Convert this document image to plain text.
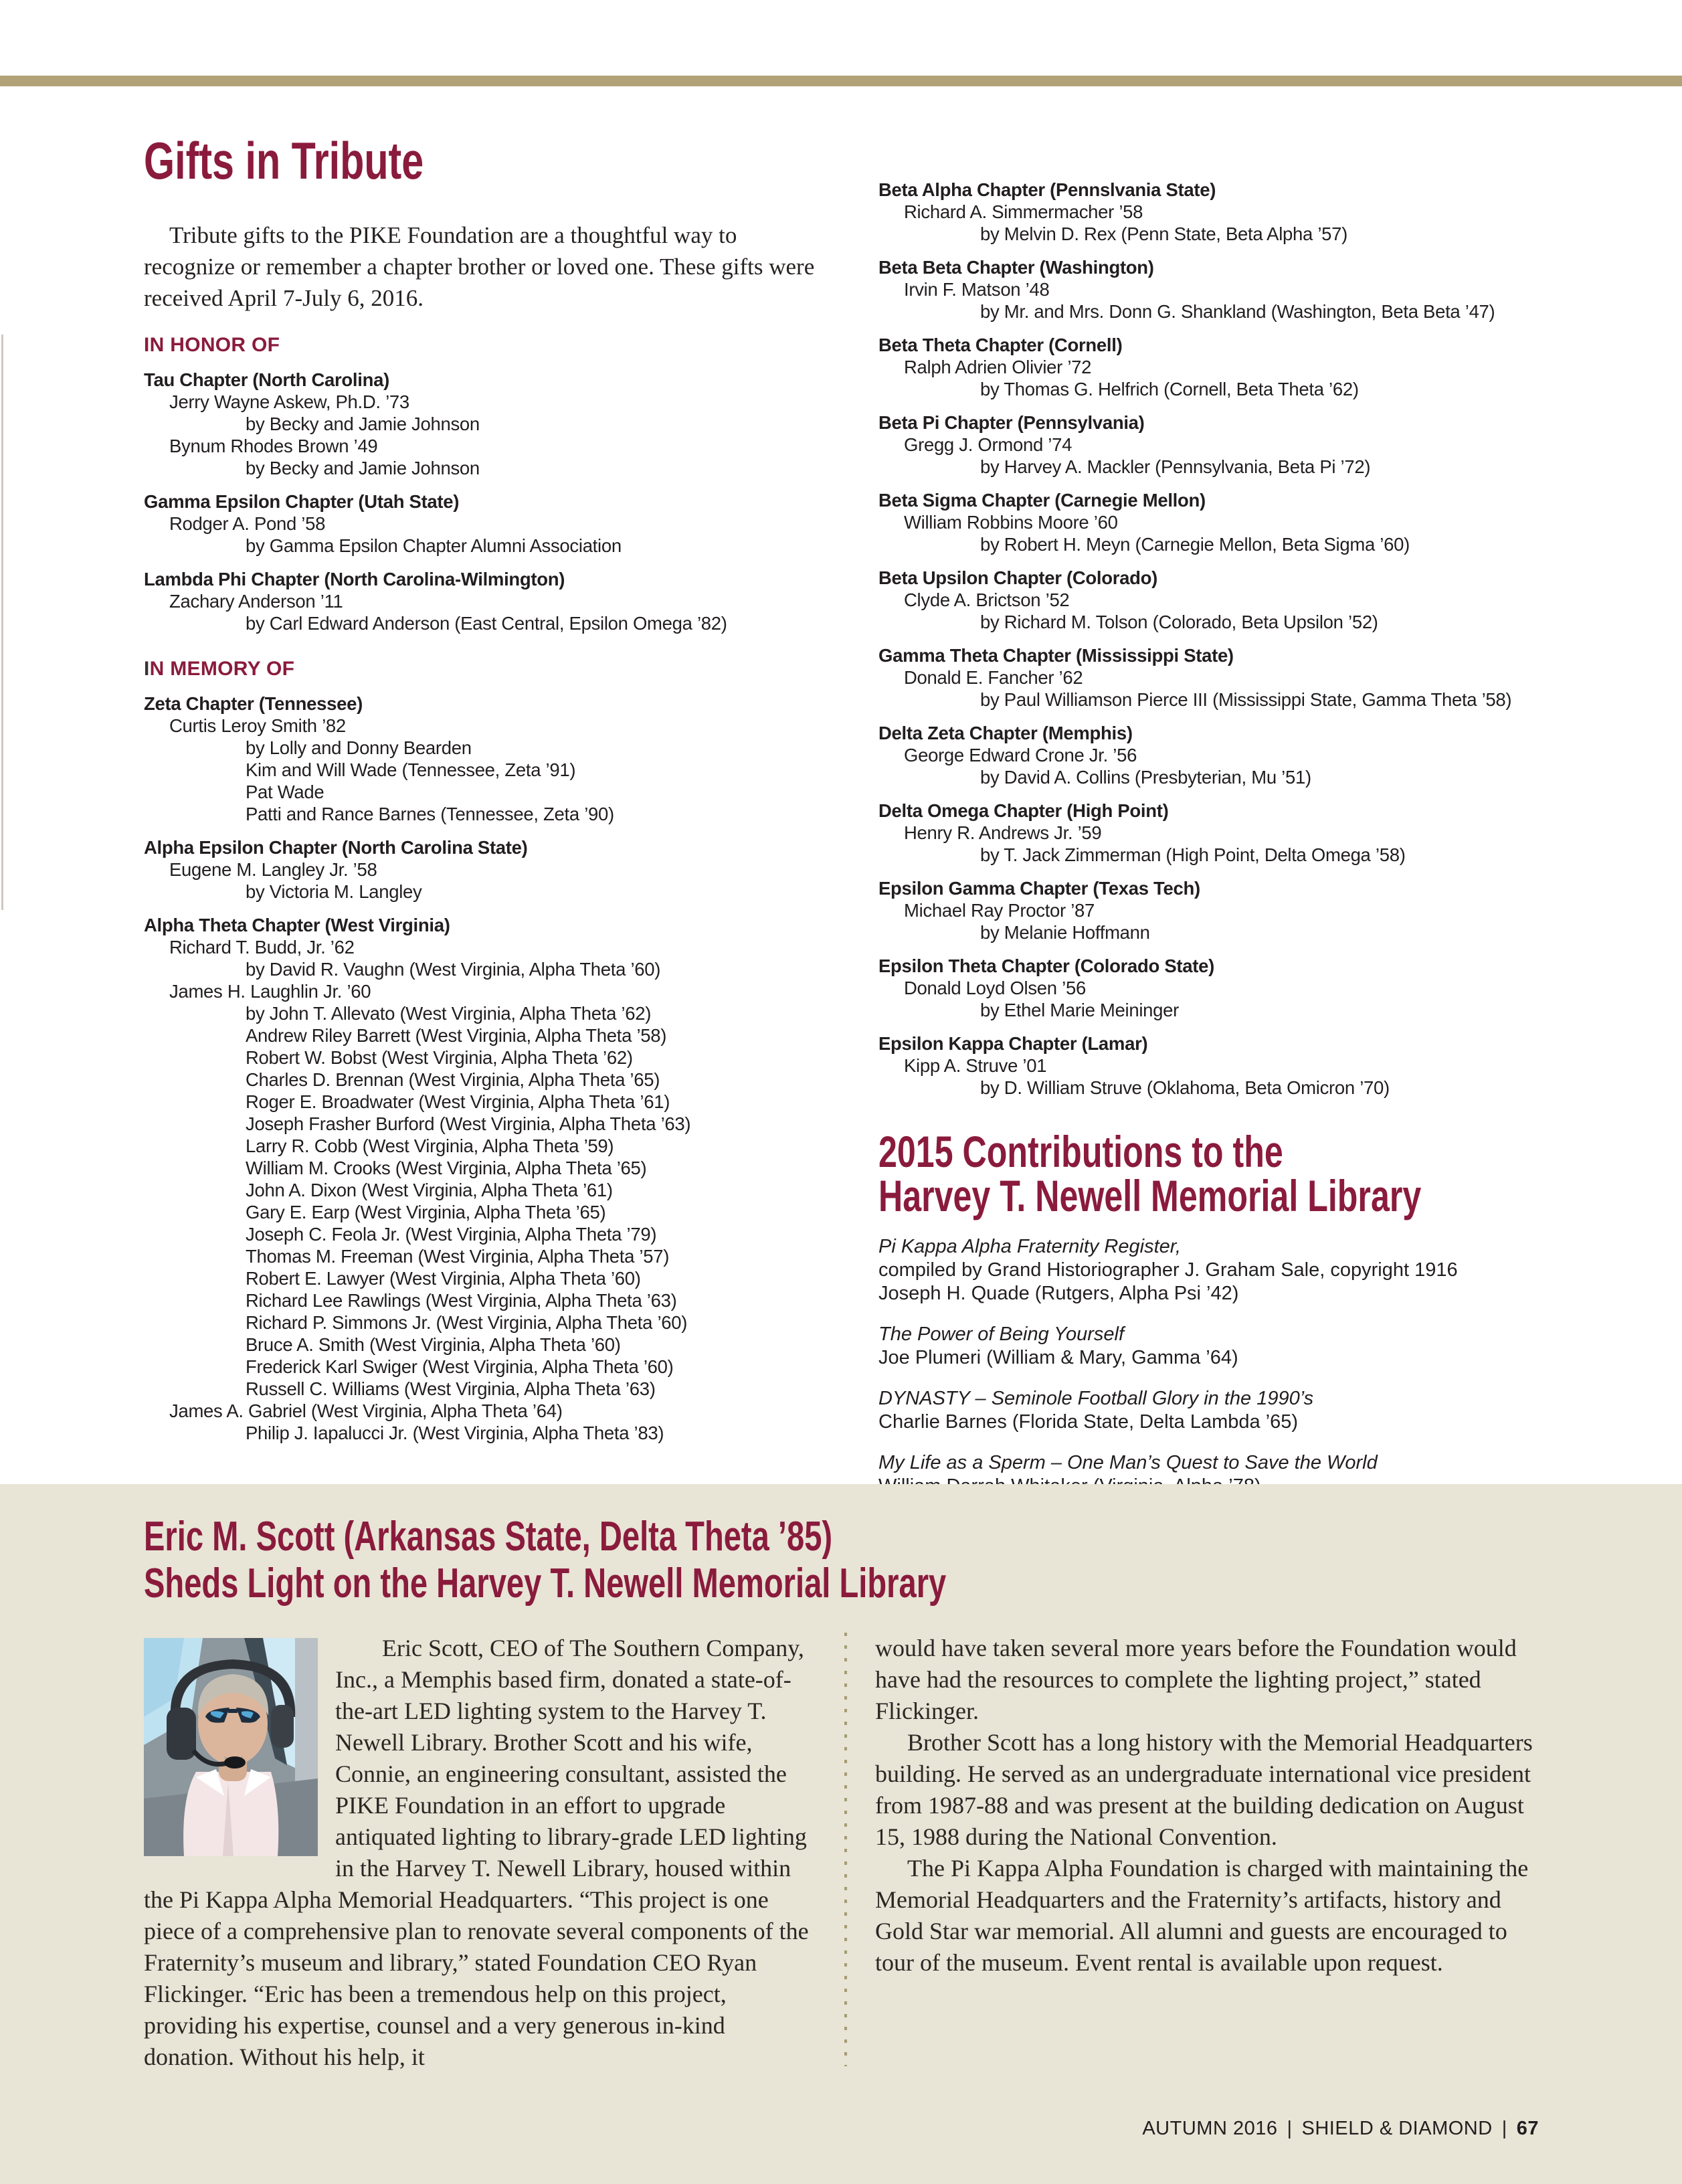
Gifts in Tribute

Tribute gifts to the PIKE Foundation are a thoughtful way to recognize or remember a chapter brother or loved one. These gifts were received April 7-July 6, 2016.

IN HONOR OF
Tau Chapter (North Carolina)
Jerry Wayne Askew, Ph.D. ’73
by Becky and Jamie Johnson
Bynum Rhodes Brown ’49
by Becky and Jamie Johnson
Gamma Epsilon Chapter (Utah State)
Rodger A. Pond ’58
by Gamma Epsilon Chapter Alumni Association
Lambda Phi Chapter (North Carolina-Wilmington)
Zachary Anderson ’11
by Carl Edward Anderson (East Central, Epsilon Omega ’82)
IN MEMORY OF
Zeta Chapter (Tennessee)
Curtis Leroy Smith ’82
by Lolly and Donny Bearden
Kim and Will Wade (Tennessee, Zeta ’91)
Pat Wade
Patti and Rance Barnes (Tennessee, Zeta ’90)
Alpha Epsilon Chapter (North Carolina State)
Eugene M. Langley Jr. ’58
by Victoria M. Langley
Alpha Theta Chapter (West Virginia)
Richard T. Budd, Jr. ’62
by David R. Vaughn (West Virginia, Alpha Theta ’60)
James H. Laughlin Jr. ’60
by John T. Allevato (West Virginia, Alpha Theta ’62)
Andrew Riley Barrett (West Virginia, Alpha Theta ’58)
Robert W. Bobst (West Virginia, Alpha Theta ’62)
Charles D. Brennan (West Virginia, Alpha Theta ’65)
Roger E. Broadwater (West Virginia, Alpha Theta ’61)
Joseph Frasher Burford (West Virginia, Alpha Theta ’63)
Larry R. Cobb (West Virginia, Alpha Theta ’59)
William M. Crooks (West Virginia, Alpha Theta ’65)
John A. Dixon (West Virginia, Alpha Theta ’61)
Gary E. Earp (West Virginia, Alpha Theta ’65)
Joseph C. Feola Jr. (West Virginia, Alpha Theta ’79)
Thomas M. Freeman (West Virginia, Alpha Theta ’57)
Robert E. Lawyer (West Virginia, Alpha Theta ’60)
Richard Lee Rawlings (West Virginia, Alpha Theta ’63)
Richard P. Simmons Jr. (West Virginia, Alpha Theta ’60)
Bruce A. Smith (West Virginia, Alpha Theta ’60)
Frederick Karl Swiger (West Virginia, Alpha Theta ’60)
Russell C. Williams (West Virginia, Alpha Theta ’63)
James A. Gabriel (West Virginia, Alpha Theta ’64)
Philip J. Iapalucci Jr. (West Virginia, Alpha Theta ’83)
Beta Alpha Chapter (Pennslvania State)
Richard A. Simmermacher ’58
by Melvin D. Rex (Penn State, Beta Alpha ’57)
Beta Beta Chapter (Washington)
Irvin F. Matson ’48
by Mr. and Mrs. Donn G. Shankland (Washington, Beta Beta ’47)
Beta Theta Chapter (Cornell)
Ralph Adrien Olivier ’72
by Thomas G. Helfrich (Cornell, Beta Theta ’62)
Beta Pi Chapter (Pennsylvania)
Gregg J. Ormond ’74
by Harvey A. Mackler (Pennsylvania, Beta Pi ’72)
Beta Sigma Chapter (Carnegie Mellon)
William Robbins Moore ’60
by Robert H. Meyn (Carnegie Mellon, Beta Sigma ’60)
Beta Upsilon Chapter (Colorado)
Clyde A. Brictson ’52
by Richard M. Tolson (Colorado, Beta Upsilon ’52)
Gamma Theta Chapter (Mississippi State)
Donald E. Fancher ’62
by Paul Williamson Pierce III (Mississippi State, Gamma Theta ’58)
Delta Zeta Chapter (Memphis)
George Edward Crone Jr. ’56
by David A. Collins (Presbyterian, Mu ’51)
Delta Omega Chapter (High Point)
Henry R. Andrews Jr. ’59
by T. Jack Zimmerman (High Point, Delta Omega ’58)
Epsilon Gamma Chapter (Texas Tech)
Michael Ray Proctor ’87
by Melanie Hoffmann
Epsilon Theta Chapter (Colorado State)
Donald Loyd Olsen ’56
by Ethel Marie Meininger
Epsilon Kappa Chapter (Lamar)
Kipp A. Struve ’01
by D. William Struve (Oklahoma, Beta Omicron ’70)
2015 Contributions to the
Harvey T. Newell Memorial Library
Pi Kappa Alpha Fraternity Register,
compiled by Grand Historiographer J. Graham Sale, copyright 1916
Joseph H. Quade (Rutgers, Alpha Psi ’42)
The Power of Being Yourself
Joe Plumeri (William & Mary, Gamma ’64)
DYNASTY – Seminole Football Glory in the 1990’s
Charlie Barnes (Florida State, Delta Lambda ’65)
My Life as a Sperm – One Man’s Quest to Save the World
Eric M. Scott (Arkansas State, Delta Theta ’85)
Sheds Light on the Harvey T. Newell Memorial Library

Eric Scott, CEO of The Southern Company, Inc., a Memphis based firm, donated a state-of-the-art LED lighting system to the Harvey T. Newell Library. Brother Scott and his wife, Connie, an engineering consultant, assisted the PIKE Foundation in an effort to upgrade antiquated lighting to library-grade LED lighting in the Harvey T. Newell Library, housed within the Pi Kappa Alpha Memorial Headquarters. “This project is one piece of a comprehensive plan to renovate several components of the Fraternity’s museum and library,” stated Foundation CEO Ryan Flickinger. “Eric has been a tremendous help on this project, providing his expertise, counsel and a very generous in-kind donation. Without his help, it

would have taken several more years before the Foundation would have had the resources to complete the lighting project,” stated Flickinger.

Brother Scott has a long history with the Memorial Headquarters building. He served as an undergraduate international vice president from 1987-88 and was present at the building dedication on August 15, 1988 during the National Convention.

The Pi Kappa Alpha Foundation is charged with maintaining the Memorial Headquarters and the Fraternity’s artifacts, history and Gold Star war memorial. All alumni and guests are encouraged to tour of the museum. Event rental is available upon request.

AUTUMN 2016 | SHIELD & DIAMOND | 67
